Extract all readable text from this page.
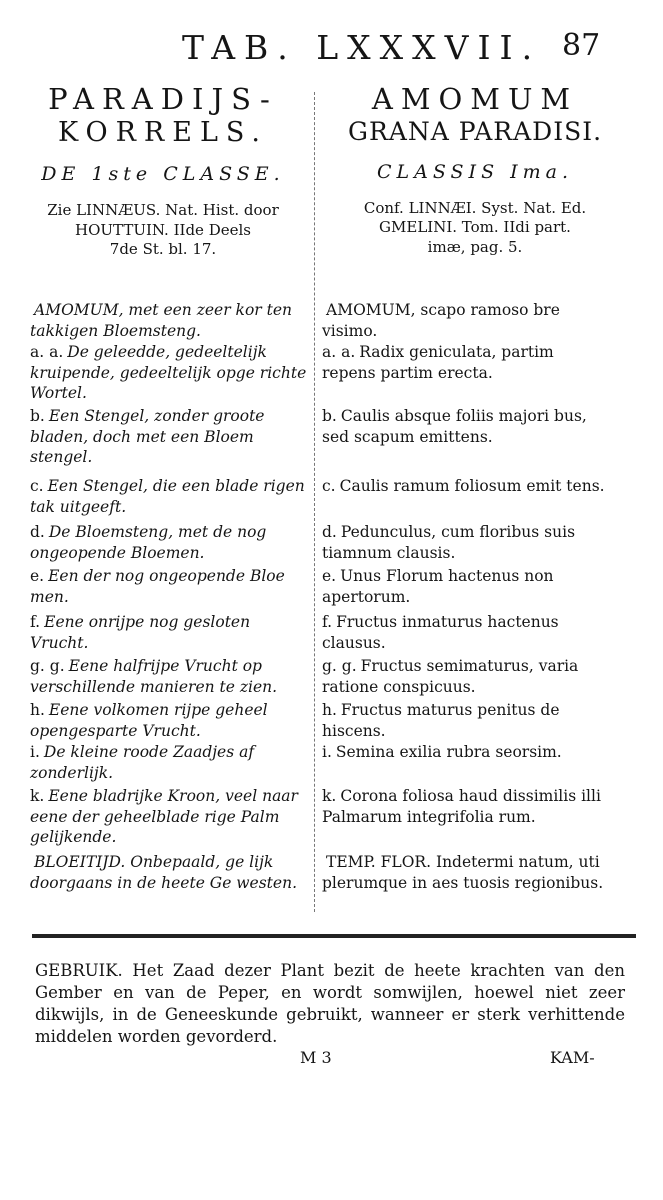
TAB. LXXXVII. 87
PARADIJS-
KORRELS.
DE 1ste CLASSE.
Zie LINNÆUS. Nat. Hist. door
HOUTTUIN. IIde Deels
7de St. bl. 17.
AMOMUM
GRANA PARADISI.
CLASSIS Ima.
Conf. LINNÆI. Syst. Nat. Ed.
GMELINI. Tom. IIdi part.
imæ, pag. 5.
AMOMUM, met een zeer kor ten takkigen Bloemsteng.
a. a. De geleedde, gedeeltelijk kruipende, gedeeltelijk opge richte Wortel.
b. Een Stengel, zonder groote bladen, doch met een Bloem stengel.
c. Een Stengel, die een blade rigen tak uitgeeft.
d. De Bloemsteng, met de nog ongeopende Bloemen.
e. Een der nog ongeopende Bloe men.
f. Eene onrijpe nog gesloten Vrucht.
g. g. Eene halfrijpe Vrucht op verschillende manieren te zien.
h. Eene volkomen rijpe geheel opengesparte Vrucht.
i. De kleine roode Zaadjes af zonderlijk.
k. Eene bladrijke Kroon, veel naar eene der geheelblade rige Palm gelijkende.
BLOEITIJD. Onbepaald, ge lijk doorgaans in de heete Ge westen.
AMOMUM, scapo ramoso bre visimo.
a. a. Radix geniculata, partim repens partim erecta.
b. Caulis absque foliis majori bus, sed scapum emittens.
c. Caulis ramum foliosum emit tens.
d. Pedunculus, cum floribus suis tiamnum clausis.
e. Unus Florum hactenus non apertorum.
f. Fructus inmaturus hactenus clausus.
g. g. Fructus semimaturus, varia ratione conspicuus.
h. Fructus maturus penitus de hiscens.
i. Semina exilia rubra seorsim.
k. Corona foliosa haud dissimilis illi Palmarum integrifolia rum.
TEMP. FLOR. Indetermi natum, uti plerumque in aes tuosis regionibus.
GEBRUIK. Het Zaad dezer Plant bezit de heete krachten van den Gember en van de Peper, en wordt somwijlen, hoewel niet zeer dikwijls, in de Geneeskunde gebruikt, wanneer er sterk verhittende middelen worden gevorderd.
M 3	KAM-
